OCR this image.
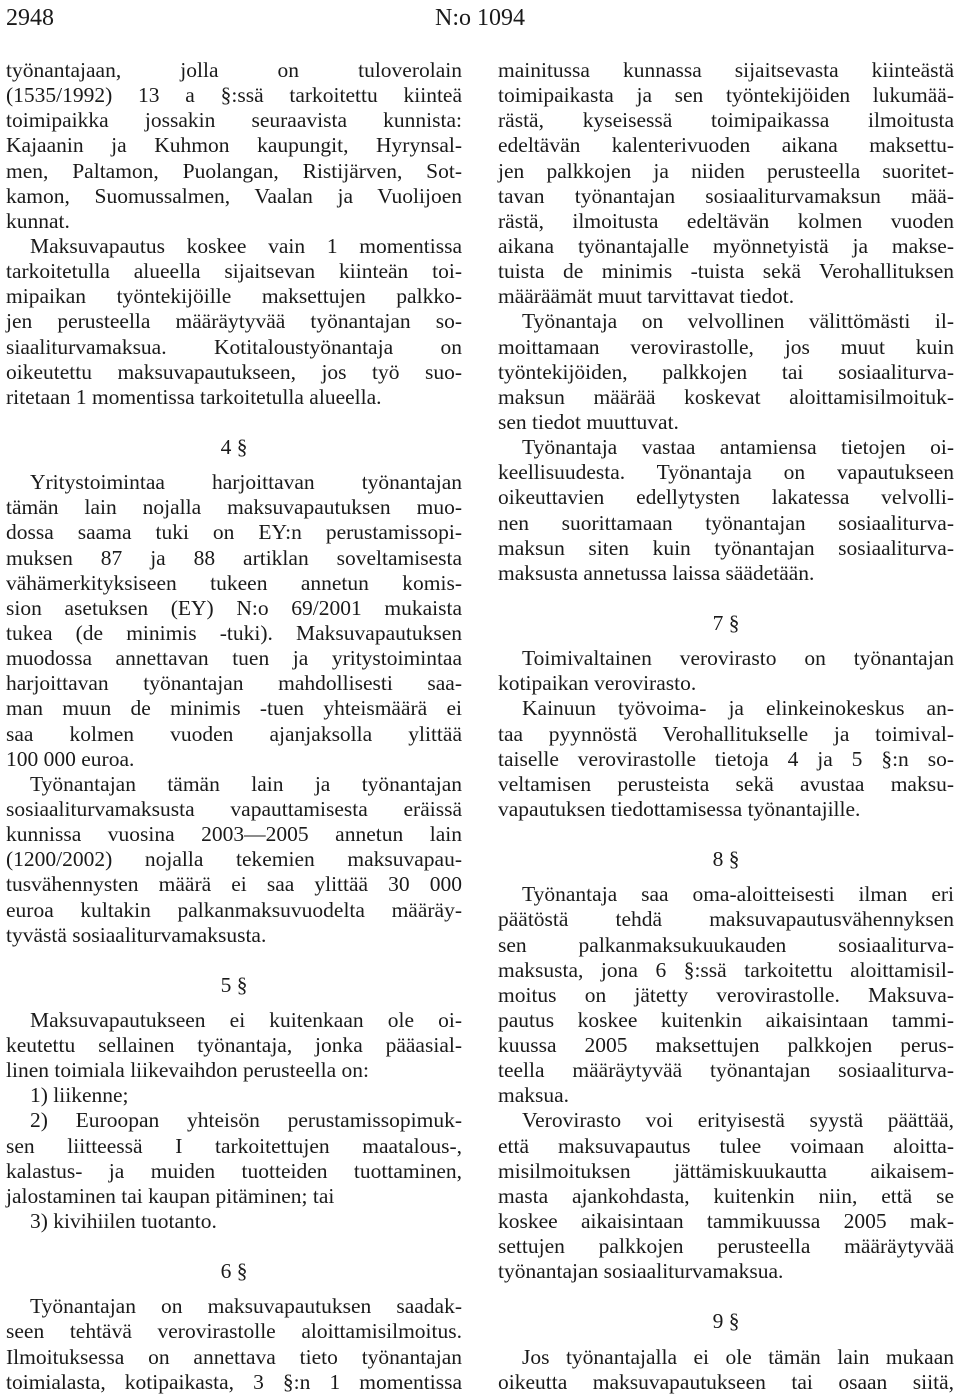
2948	N:o 1094
työnantajaan, jolla on tuloverolain
(1535/1992) 13 a §:ssä tarkoitettu kiinteä
toimipaikka jossakin seuraavista kunnista:
Kajaanin ja Kuhmon kaupungit, Hyrynsal-
men, Paltamon, Puolangan, Ristijärven, Sot-
kamon, Suomussalmen, Vaalan ja Vuolijoen
kunnat.
Maksuvapautus koskee vain 1 momentissa
tarkoitetulla alueella sijaitsevan kiinteän toi-
mipaikan työntekijöille maksettujen palkko-
jen perusteella määräytyvää työnantajan so-
siaaliturvamaksua. Kotitaloustyönantaja on
oikeutettu maksuvapautukseen, jos työ suo-
ritetaan 1 momentissa tarkoitetulla alueella.
4 §
Yritystoimintaa harjoittavan työnantajan
tämän lain nojalla maksuvapautuksen muo-
dossa saama tuki on EY:n perustamissopi-
muksen 87 ja 88 artiklan soveltamisesta
vähämerkityksiseen tukeen annetun komis-
sion asetuksen (EY) N:o 69/2001 mukaista
tukea (de minimis -tuki). Maksuvapautuksen
muodossa annettavan tuen ja yritystoimintaa
harjoittavan työnantajan mahdollisesti saa-
man muun de minimis -tuen yhteismäärä ei
saa kolmen vuoden ajanjaksolla ylittää
100 000 euroa.
Työnantajan tämän lain ja työnantajan
sosiaaliturvamaksusta vapauttamisesta eräissä
kunnissa vuosina 2003—2005 annetun lain
(1200/2002) nojalla tekemien maksuvapau-
tusvähennysten määrä ei saa ylittää 30 000
euroa kultakin palkanmaksuvuodelta määräy-
tyvästä sosiaaliturvamaksusta.
5 §
Maksuvapautukseen ei kuitenkaan ole oi-
keutettu sellainen työnantaja, jonka pääasial-
linen toimiala liikevaihdon perusteella on:
1) liikenne;
2) Euroopan yhteisön perustamissopimuk-
sen liitteessä I tarkoitettujen maatalous-,
kalastus- ja muiden tuotteiden tuottaminen,
jalostaminen tai kaupan pitäminen; tai
3) kivihiilen tuotanto.
6 §
Työnantajan on maksuvapautuksen saadak-
seen tehtävä verovirastolle aloittamisilmoitus.
Ilmoituksessa on annettava tieto työnantajan
toimialasta, kotipaikasta, 3 §:n 1 momentissa
mainitussa kunnassa sijaitsevasta kiinteästä
toimipaikasta ja sen työntekijöiden lukumää-
rästä, kyseisessä toimipaikassa ilmoitusta
edeltävän kalenterivuoden aikana maksettu-
jen palkkojen ja niiden perusteella suoritet-
tavan työnantajan sosiaaliturvamaksun mää-
rästä, ilmoitusta edeltävän kolmen vuoden
aikana työnantajalle myönnetyistä ja makse-
tuista de minimis -tuista sekä Verohallituksen
määräämät muut tarvittavat tiedot.
Työnantaja on velvollinen välittömästi il-
moittamaan verovirastolle, jos muut kuin
työntekijöiden, palkkojen tai sosiaaliturva-
maksun määrää koskevat aloittamisilmoituk-
sen tiedot muuttuvat.
Työnantaja vastaa antamiensa tietojen oi-
keellisuudesta. Työnantaja on vapautukseen
oikeuttavien edellytysten lakatessa velvolli-
nen suorittamaan työnantajan sosiaaliturva-
maksun siten kuin työnantajan sosiaaliturva-
maksusta annetussa laissa säädetään.
7 §
Toimivaltainen verovirasto on työnantajan
kotipaikan verovirasto.
Kainuun työvoima- ja elinkeinokeskus an-
taa pyynnöstä Verohallitukselle ja toimival-
taiselle verovirastolle tietoja 4 ja 5 §:n so-
veltamisen perusteista sekä avustaa maksu-
vapautuksen tiedottamisessa työnantajille.
8 §
Työnantaja saa oma-aloitteisesti ilman eri
päätöstä tehdä maksuvapautusvähennyksen
sen palkanmaksukuukauden sosiaaliturva-
maksusta, jona 6 §:ssä tarkoitettu aloittamisil-
moitus on jätetty verovirastolle. Maksuva-
pautus koskee kuitenkin aikaisintaan tammi-
kuussa 2005 maksettujen palkkojen perus-
teella määräytyvää työnantajan sosiaaliturva-
maksua.
Verovirasto voi erityisestä syystä päättää,
että maksuvapautus tulee voimaan aloitta-
misilmoituksen jättämiskuukautta aikaisem-
masta ajankohdasta, kuitenkin niin, että se
koskee aikaisintaan tammikuussa 2005 mak-
settujen palkkojen perusteella määräytyvää
työnantajan sosiaaliturvamaksua.
9 §
Jos työnantajalla ei ole tämän lain mukaan
oikeutta maksuvapautukseen tai osaan siitä,
